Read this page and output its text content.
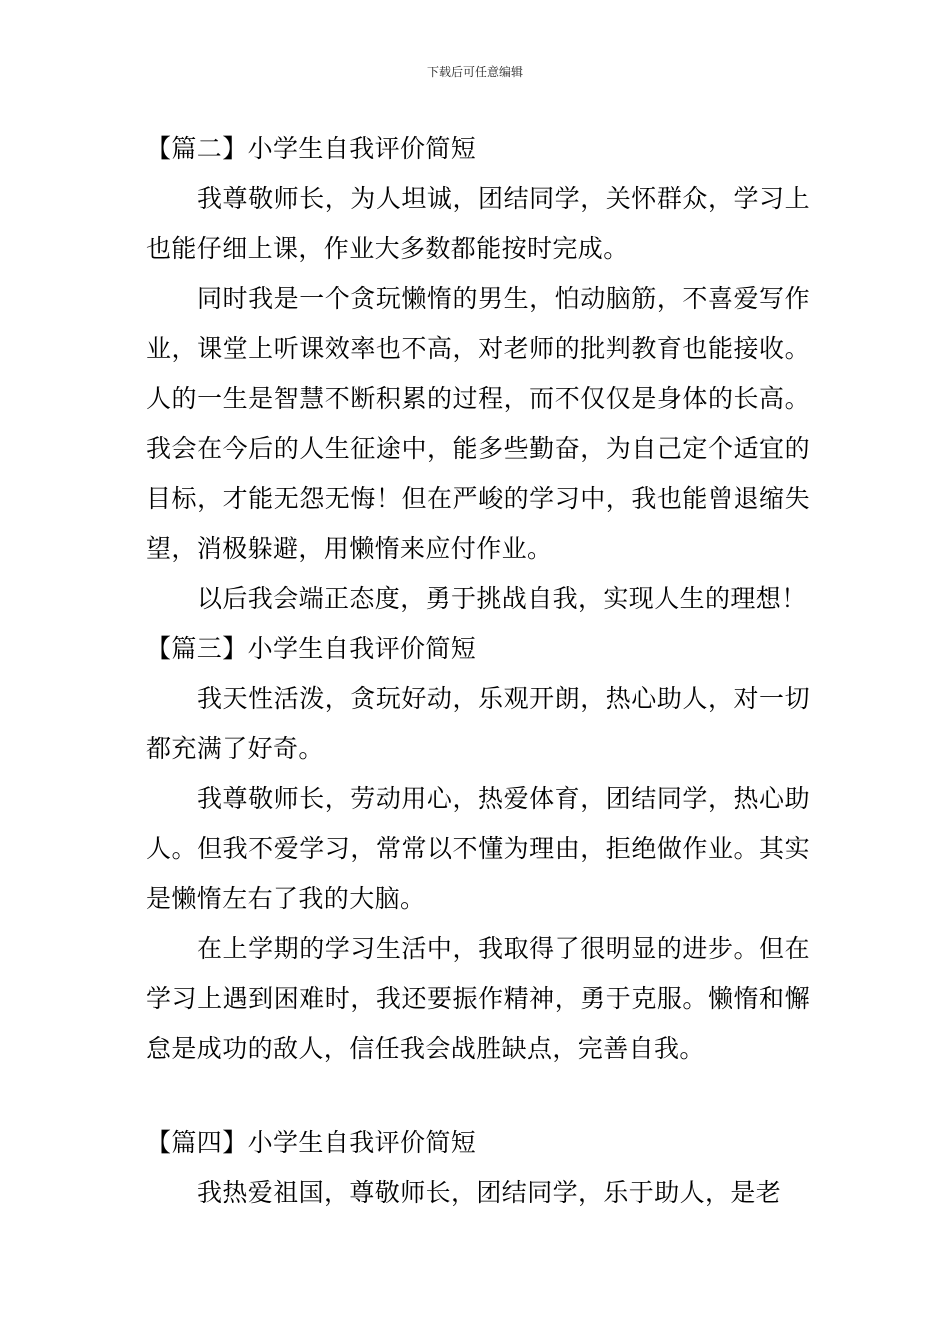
下载后可任意编辑

【篇二】小学生自我评价简短

我尊敬师长，为人坦诚，团结同学，关怀群众，学习上也能仔细上课，作业大多数都能按时完成。

同时我是一个贪玩懒惰的男生，怕动脑筋，不喜爱写作业，课堂上听课效率也不高，对老师的批判教育也能接收。人的一生是智慧不断积累的过程，而不仅仅是身体的长高。我会在今后的人生征途中，能多些勤奋，为自己定个适宜的目标，才能无怨无悔！但在严峻的学习中，我也能曾退缩失望，消极躲避，用懒惰来应付作业。

以后我会端正态度，勇于挑战自我，实现人生的理想！

【篇三】小学生自我评价简短

我天性活泼，贪玩好动，乐观开朗，热心助人，对一切都充满了好奇。

我尊敬师长，劳动用心，热爱体育，团结同学，热心助人。但我不爱学习，常常以不懂为理由，拒绝做作业。其实是懒惰左右了我的大脑。

在上学期的学习生活中，我取得了很明显的进步。但在学习上遇到困难时，我还要振作精神，勇于克服。懒惰和懈怠是成功的敌人，信任我会战胜缺点，完善自我。

【篇四】小学生自我评价简短

我热爱祖国，尊敬师长，团结同学，乐于助人，是老
